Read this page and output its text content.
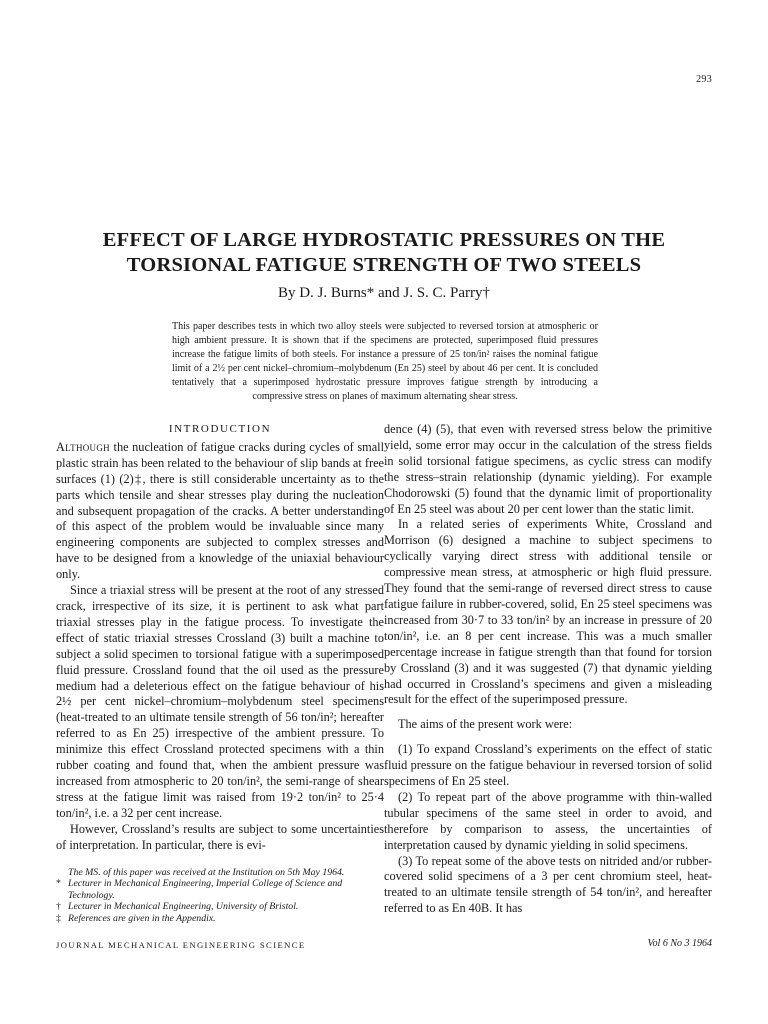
293
EFFECT OF LARGE HYDROSTATIC PRESSURES ON THE
TORSIONAL FATIGUE STRENGTH OF TWO STEELS
By D. J. Burns* and J. S. C. Parry†

This paper describes tests in which two alloy steels were subjected to reversed torsion at atmospheric or high ambient pressure. It is shown that if the specimens are protected, superimposed fluid pressures increase the fatigue limits of both steels. For instance a pressure of 25 ton/in² raises the nominal fatigue limit of a 2½ per cent nickel–chromium–molybdenum (En 25) steel by about 46 per cent. It is concluded tentatively that a superimposed hydrostatic pressure improves fatigue strength by introducing a compressive stress on planes of maximum alternating shear stress.

INTRODUCTION

Although the nucleation of fatigue cracks during cycles of small plastic strain has been related to the behaviour of slip bands at free surfaces (1) (2)‡, there is still considerable uncertainty as to the parts which tensile and shear stresses play during the nucleation and subsequent propagation of the cracks. A better understanding of this aspect of the problem would be invaluable since many engineering components are subjected to complex stresses and have to be designed from a knowledge of the uniaxial behaviour only.

Since a triaxial stress will be present at the root of any stressed crack, irrespective of its size, it is pertinent to ask what part triaxial stresses play in the fatigue process. To investigate the effect of static triaxial stresses Crossland (3) built a machine to subject a solid specimen to torsional fatigue with a superimposed fluid pressure. Crossland found that the oil used as the pressure medium had a deleterious effect on the fatigue behaviour of his 2½ per cent nickel–chromium–molybdenum steel specimens (heat-treated to an ultimate tensile strength of 56 ton/in²; hereafter referred to as En 25) irrespective of the ambient pressure. To minimize this effect Crossland protected specimens with a thin rubber coating and found that, when the ambient pressure was increased from atmospheric to 20 ton/in², the semi-range of shear stress at the fatigue limit was raised from 19·2 ton/in² to 25·4 ton/in², i.e. a 32 per cent increase.

However, Crossland’s results are subject to some uncertainties of interpretation. In particular, there is evi-

dence (4) (5), that even with reversed stress below the primitive yield, some error may occur in the calculation of the stress fields in solid torsional fatigue specimens, as cyclic stress can modify the stress–strain relationship (dynamic yielding). For example Chodorowski (5) found that the dynamic limit of proportionality of En 25 steel was about 20 per cent lower than the static limit.

In a related series of experiments White, Crossland and Morrison (6) designed a machine to subject specimens to cyclically varying direct stress with additional tensile or compressive mean stress, at atmospheric or high fluid pressure. They found that the semi-range of reversed direct stress to cause fatigue failure in rubber-covered, solid, En 25 steel specimens was increased from 30·7 to 33 ton/in² by an increase in pressure of 20 ton/in², i.e. an 8 per cent increase. This was a much smaller percentage increase in fatigue strength than that found for torsion by Crossland (3) and it was suggested (7) that dynamic yielding had occurred in Crossland’s specimens and given a misleading result for the effect of the superimposed pressure.

The aims of the present work were:

(1) To expand Crossland’s experiments on the effect of static fluid pressure on the fatigue behaviour in reversed torsion of solid specimens of En 25 steel.

(2) To repeat part of the above programme with thin-walled tubular specimens of the same steel in order to avoid, and therefore by comparison to assess, the uncertainties of interpretation caused by dynamic yielding in solid specimens.

(3) To repeat some of the above tests on nitrided and/or rubber-covered solid specimens of a 3 per cent chromium steel, heat-treated to an ultimate tensile strength of 54 ton/in², and hereafter referred to as En 40B. It has

The MS. of this paper was received at the Institution on 5th May 1964.
* Lecturer in Mechanical Engineering, Imperial College of Science and Technology.
† Lecturer in Mechanical Engineering, University of Bristol.
‡ References are given in the Appendix.
JOURNAL MECHANICAL ENGINEERING SCIENCE	Vol 6 No 3 1964
